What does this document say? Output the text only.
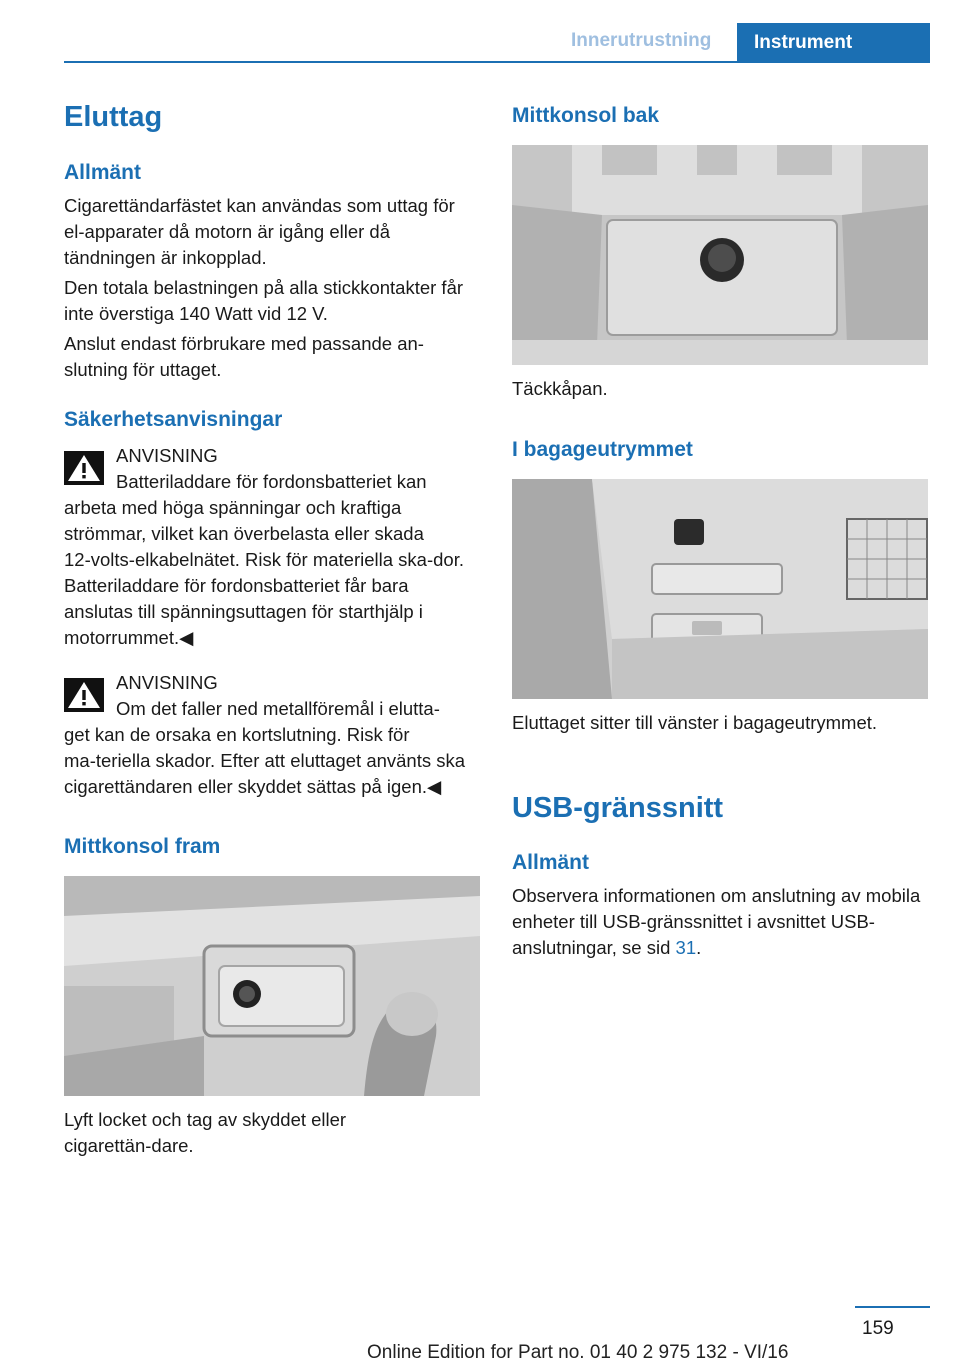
Innerutrustning	Instrument
Eluttag
Allmänt

Cigarettändarfästet kan användas som uttag för el-apparater då motorn är igång eller då tändningen är inkopplad.

Den totala belastningen på alla stickkontakter får inte överstiga 140 Watt vid 12 V.

Anslut endast förbrukare med passande an-slutning för uttaget.

Säkerhetsanvisningar
ANVISNING
Batteriladdare för fordonsbatteriet kan
arbeta med höga spänningar och kraftiga strömmar, vilket kan överbelasta eller skada 12‑volts‑elkabelnätet. Risk för materiella ska‑dor. Batteriladdare för fordonsbatteriet får bara anslutas till spänningsuttagen för starthjälp i motorrummet.◀
ANVISNING
Om det faller ned metallföremål i elutta‑
get kan de orsaka en kortslutning. Risk för ma‑teriella skador. Efter att eluttaget använts ska cigarettändaren eller skyddet sättas på igen.◀
Mittkonsol fram

Lyft locket och tag av skyddet eller cigarettän‑dare.

Mittkonsol bak

Täckkåpan.

I bagageutrymmet

Eluttaget sitter till vänster i bagageutrymmet.

USB-gränssnitt
Allmänt

Observera informationen om anslutning av mobila enheter till USB-gränssnittet i avsnittet USB-anslutningar, se sid 31.

159
Online Edition for Part no. 01 40 2 975 132 - VI/16
